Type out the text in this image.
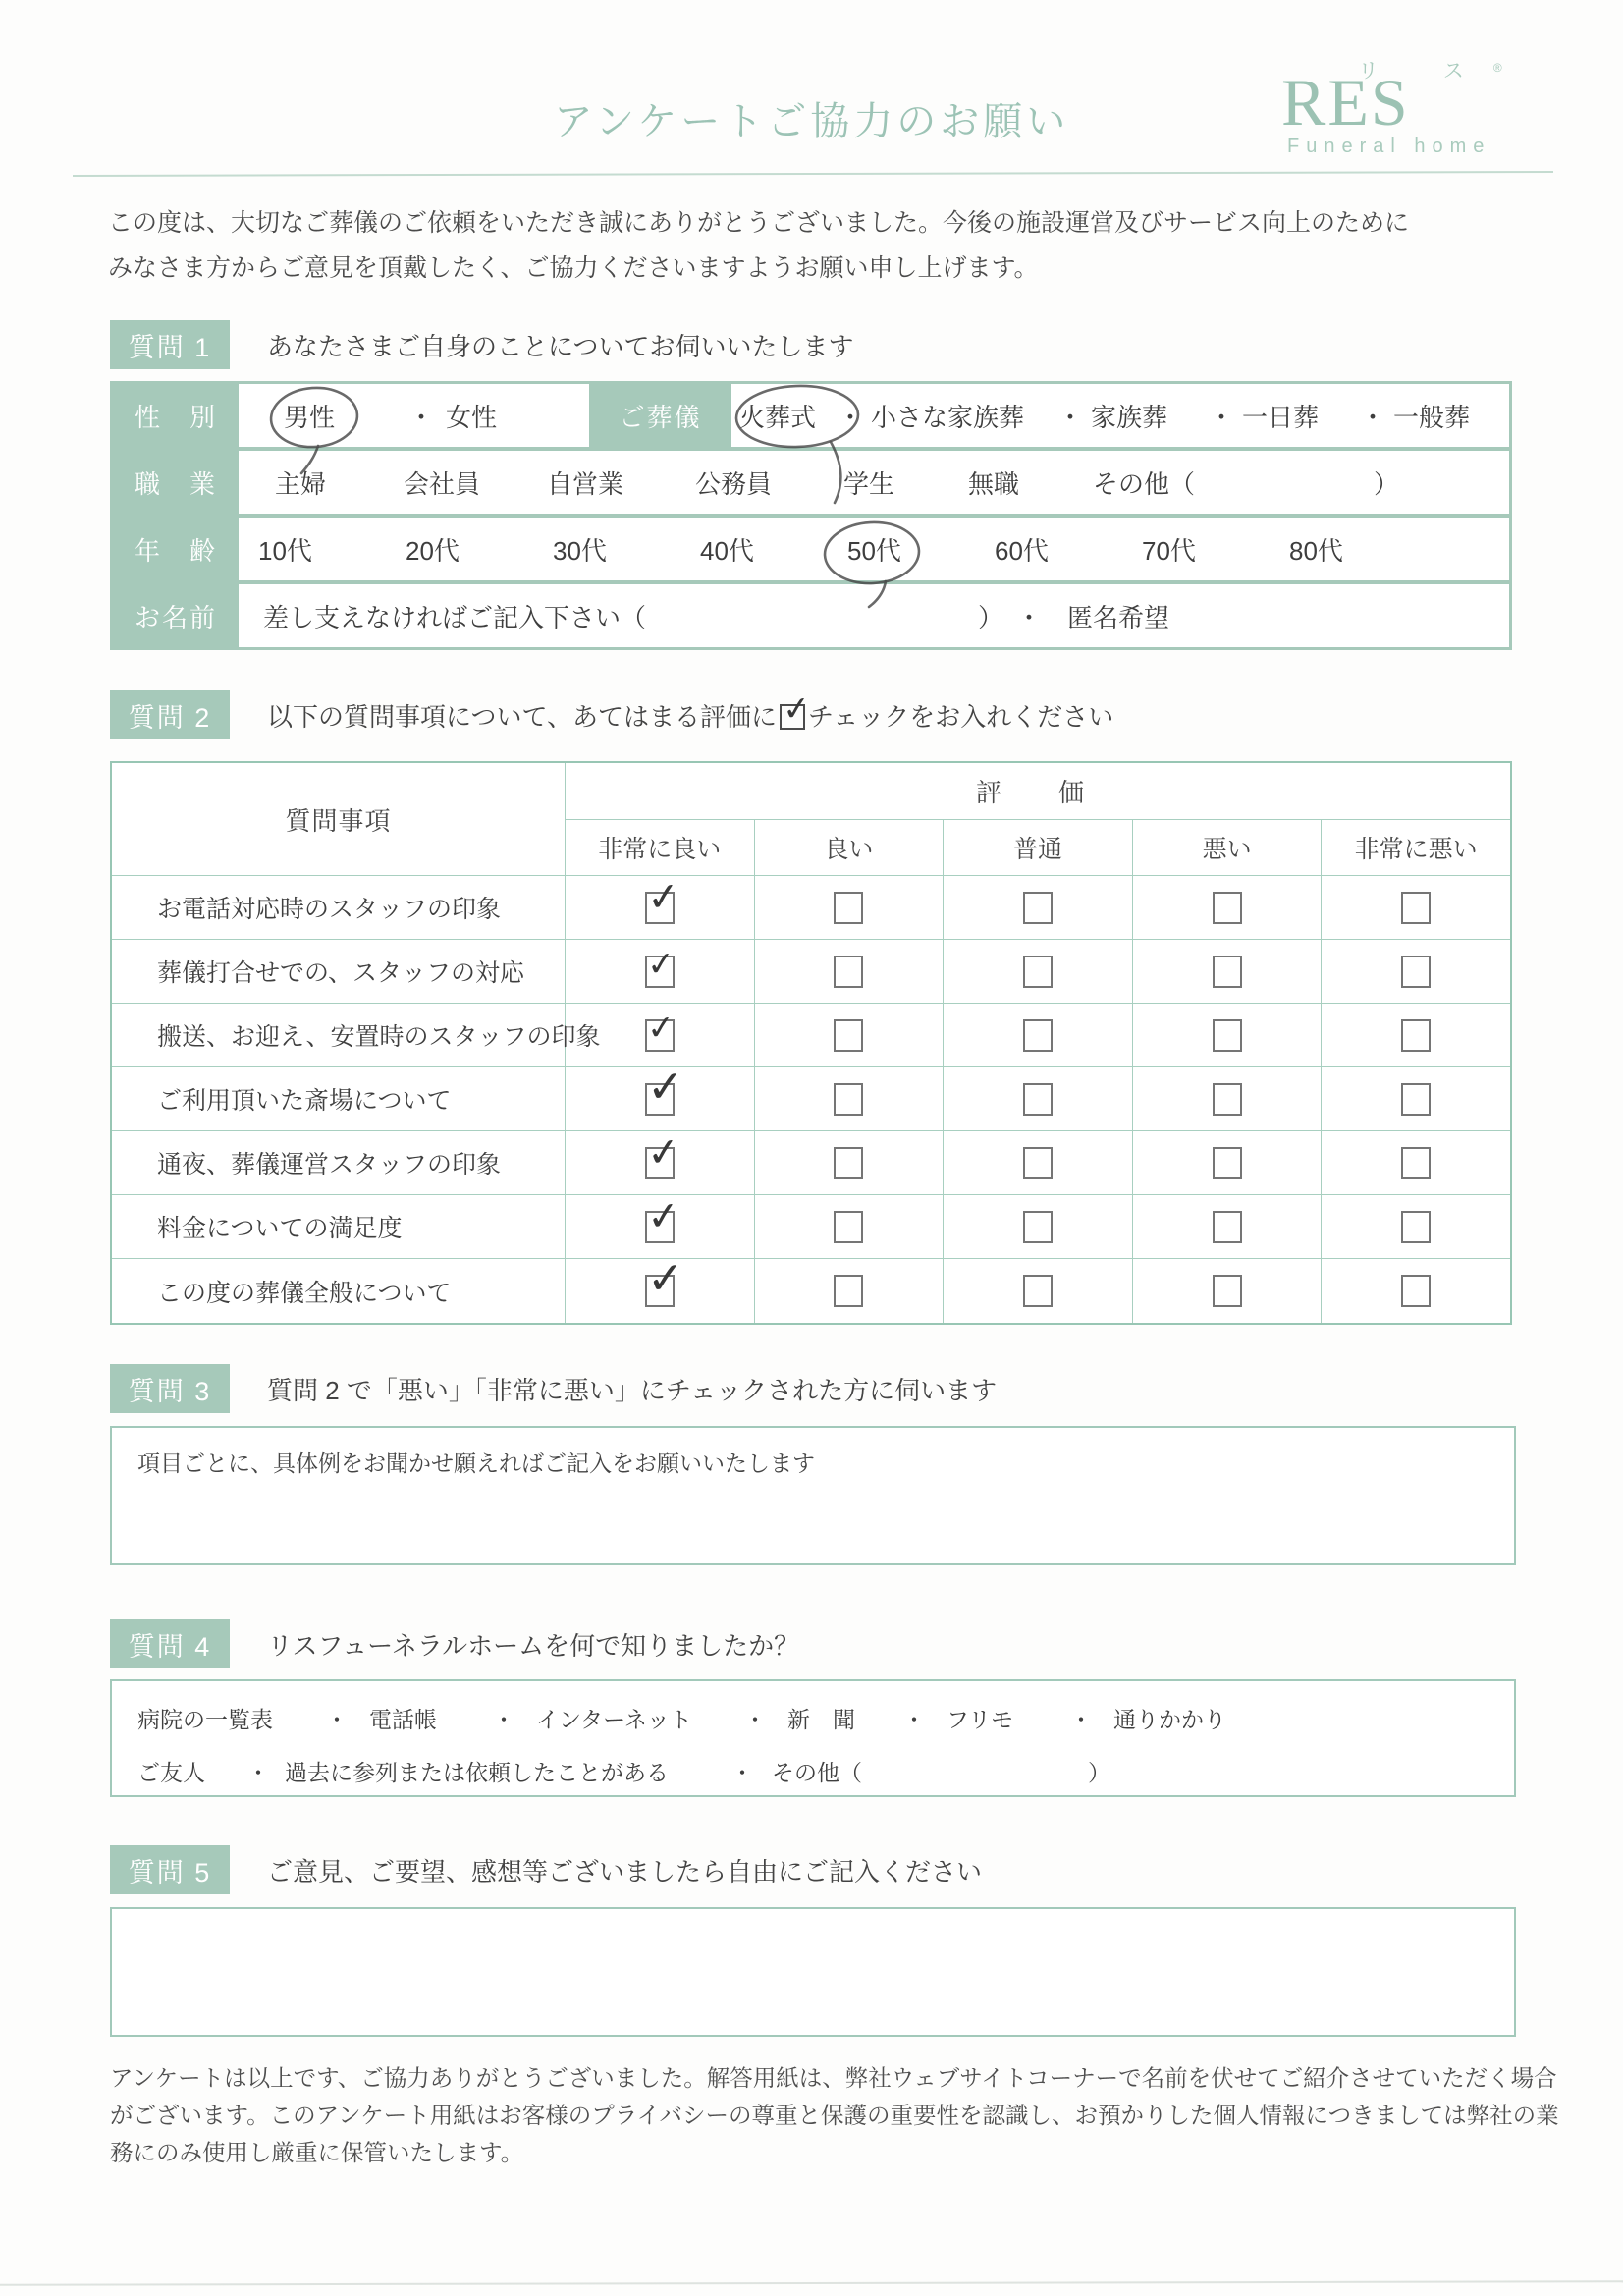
アンケートご協力のお願い
リ ス®
RES
Funeral home
この度は、大切なご葬儀のご依頼をいただき誠にありがとうございました。今後の施設運営及びサービス向上のために
みなさま方からご意見を頂戴したく、ご協力くださいますようお願い申し上げます。
質問 1	あなたさまご自身のことについてお伺いいたします
性　別	男性	・ 女性	ご葬儀	火葬式 ・ 小さな家族葬	・ 家族葬	・ 一日葬	・ 一般葬
職　業	主婦	会社員	自営業	公務員	学生	無職	その他（　　　　　　　）
年　齢	10代	20代	30代	40代	50代	60代	70代	80代
お名前	差し支えなければご記入下さい（　　　　　　　　　　　　　）　・　匿名希望
質問 2	以下の質問事項について、あてはまる評価に ✓
チェックをお入れください
質問事項
評　価
非常に良い	良い	普通	悪い	非常に悪い
お電話対応時のスタッフの印象	✓
葬儀打合せでの、スタッフの対応	✓
搬送、お迎え、安置時のスタッフの印象 ✓
ご利用頂いた斎場について	✓
通夜、葬儀運営スタッフの印象	✓
料金についての満足度	✓
この度の葬儀全般について	✓
質問 3	質問 2 で「悪い」「非常に悪い」にチェックされた方に伺います
項目ごとに、具体例をお聞かせ願えればご記入をお願いいたします
質問 4	リスフューネラルホームを何で知りましたか？
病院の一覧表	・ 電話帳	・ インターネット	・ 新　聞	・ フリモ	・ 通りかかり
ご友人	・ 過去に参列または依頼したことがある	・ その他（　　　　　　　　　　）
質問 5	ご意見、ご要望、感想等ございましたら自由にご記入ください
アンケートは以上です、ご協力ありがとうございました。解答用紙は、弊社ウェブサイトコーナーで名前を伏せてご紹介させていただく場合
がございます。このアンケート用紙はお客様のプライバシーの尊重と保護の重要性を認識し、お預かりした個人情報につきましては弊社の業
務にのみ使用し厳重に保管いたします。
